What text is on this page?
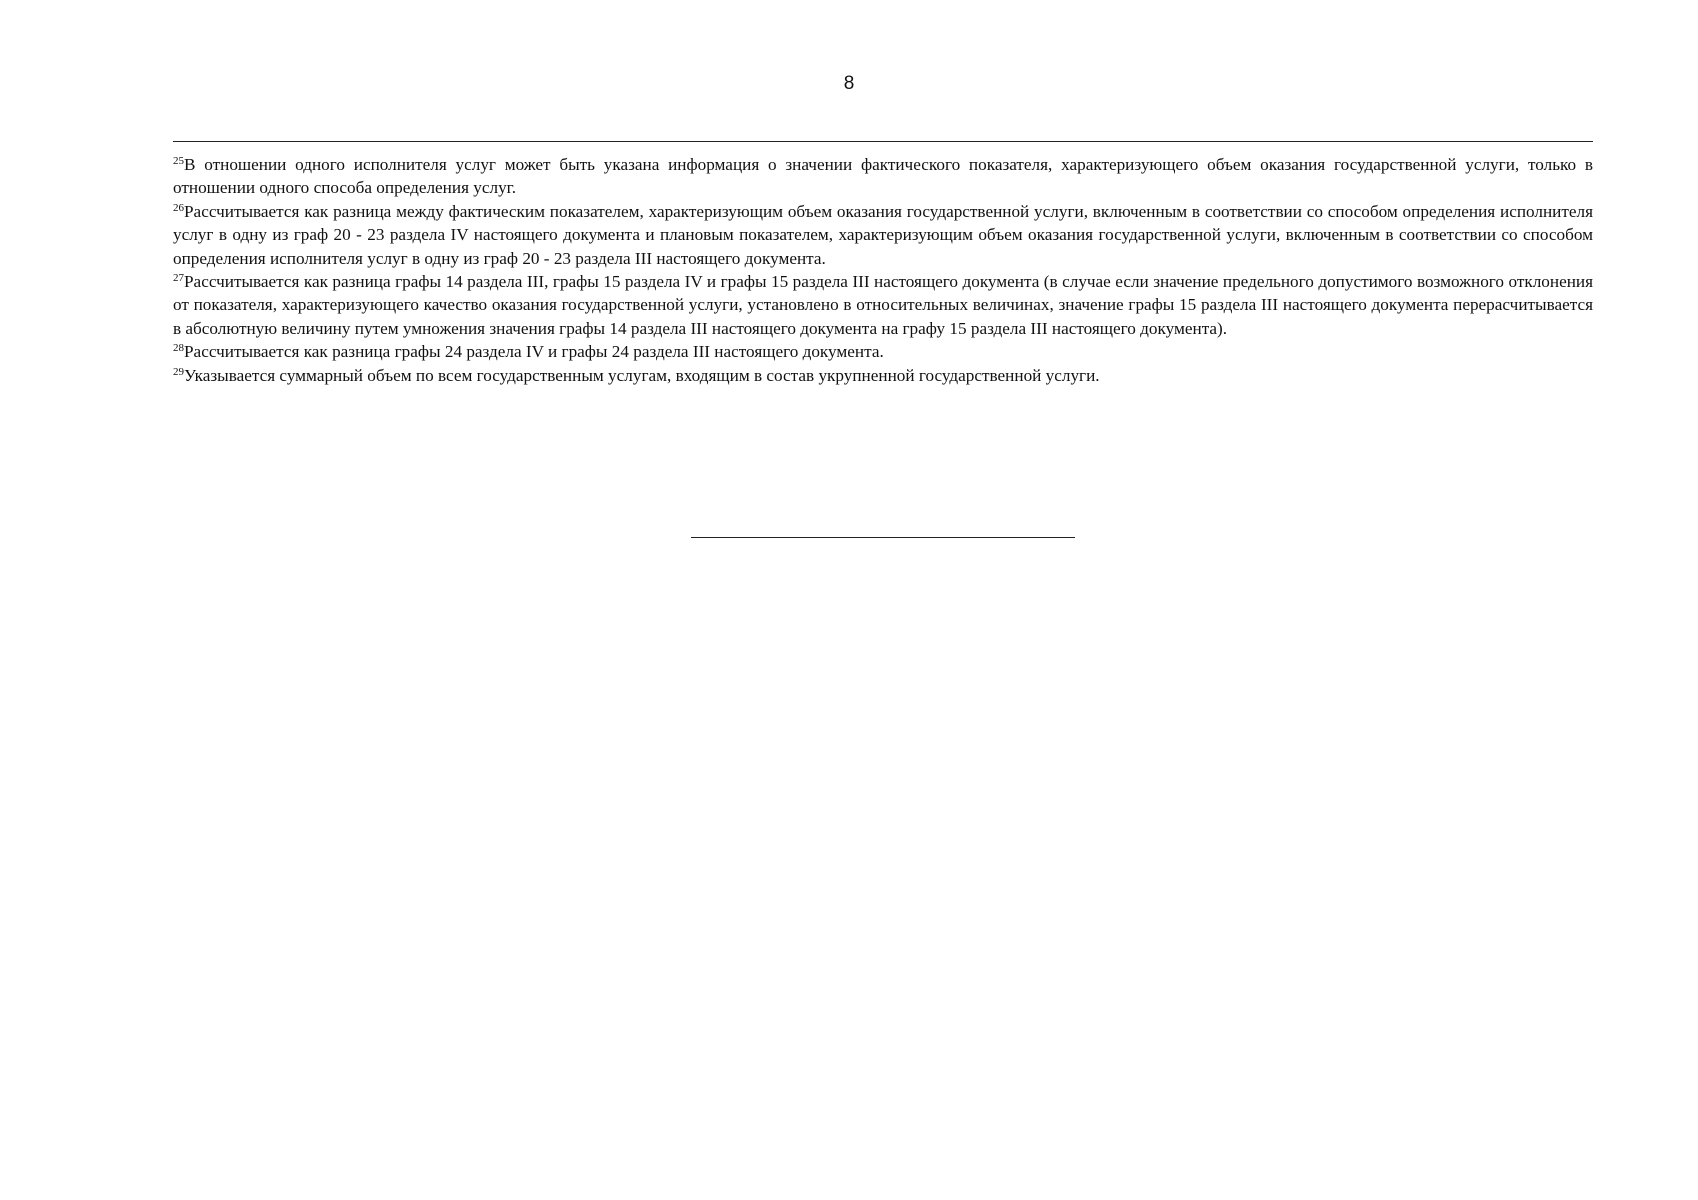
8

$^{25}$В отношении одного исполнителя услуг может быть указана информация о значении фактического показателя, характеризующего объем оказания государственной услуги, только в отношении одного способа определения услуг.

$^{26}$Рассчитывается как разница между фактическим показателем, характеризующим объем оказания государственной услуги, включенным в соответствии со способом определения исполнителя услуг в одну из граф 20 - 23 раздела IV настоящего документа и плановым показателем, характеризующим объем оказания государственной услуги, включенным в соответствии со способом определения исполнителя услуг в одну из граф 20 - 23 раздела III настоящего документа.

$^{27}$Рассчитывается как разница графы 14 раздела III, графы 15 раздела IV и графы 15 раздела III настоящего документа (в случае если значение предельного допустимого возможного отклонения от показателя, характеризующего качество оказания государственной услуги, установлено в относительных величинах, значение графы 15 раздела III настоящего документа перерасчитывается в абсолютную величину путем умножения значения графы 14 раздела III настоящего документа на графу 15 раздела III настоящего документа).

$^{28}$Рассчитывается как разница графы 24 раздела IV и графы 24 раздела III настоящего документа.

$^{29}$Указывается суммарный объем по всем государственным услугам, входящим в состав укрупненной государственной услуги.
